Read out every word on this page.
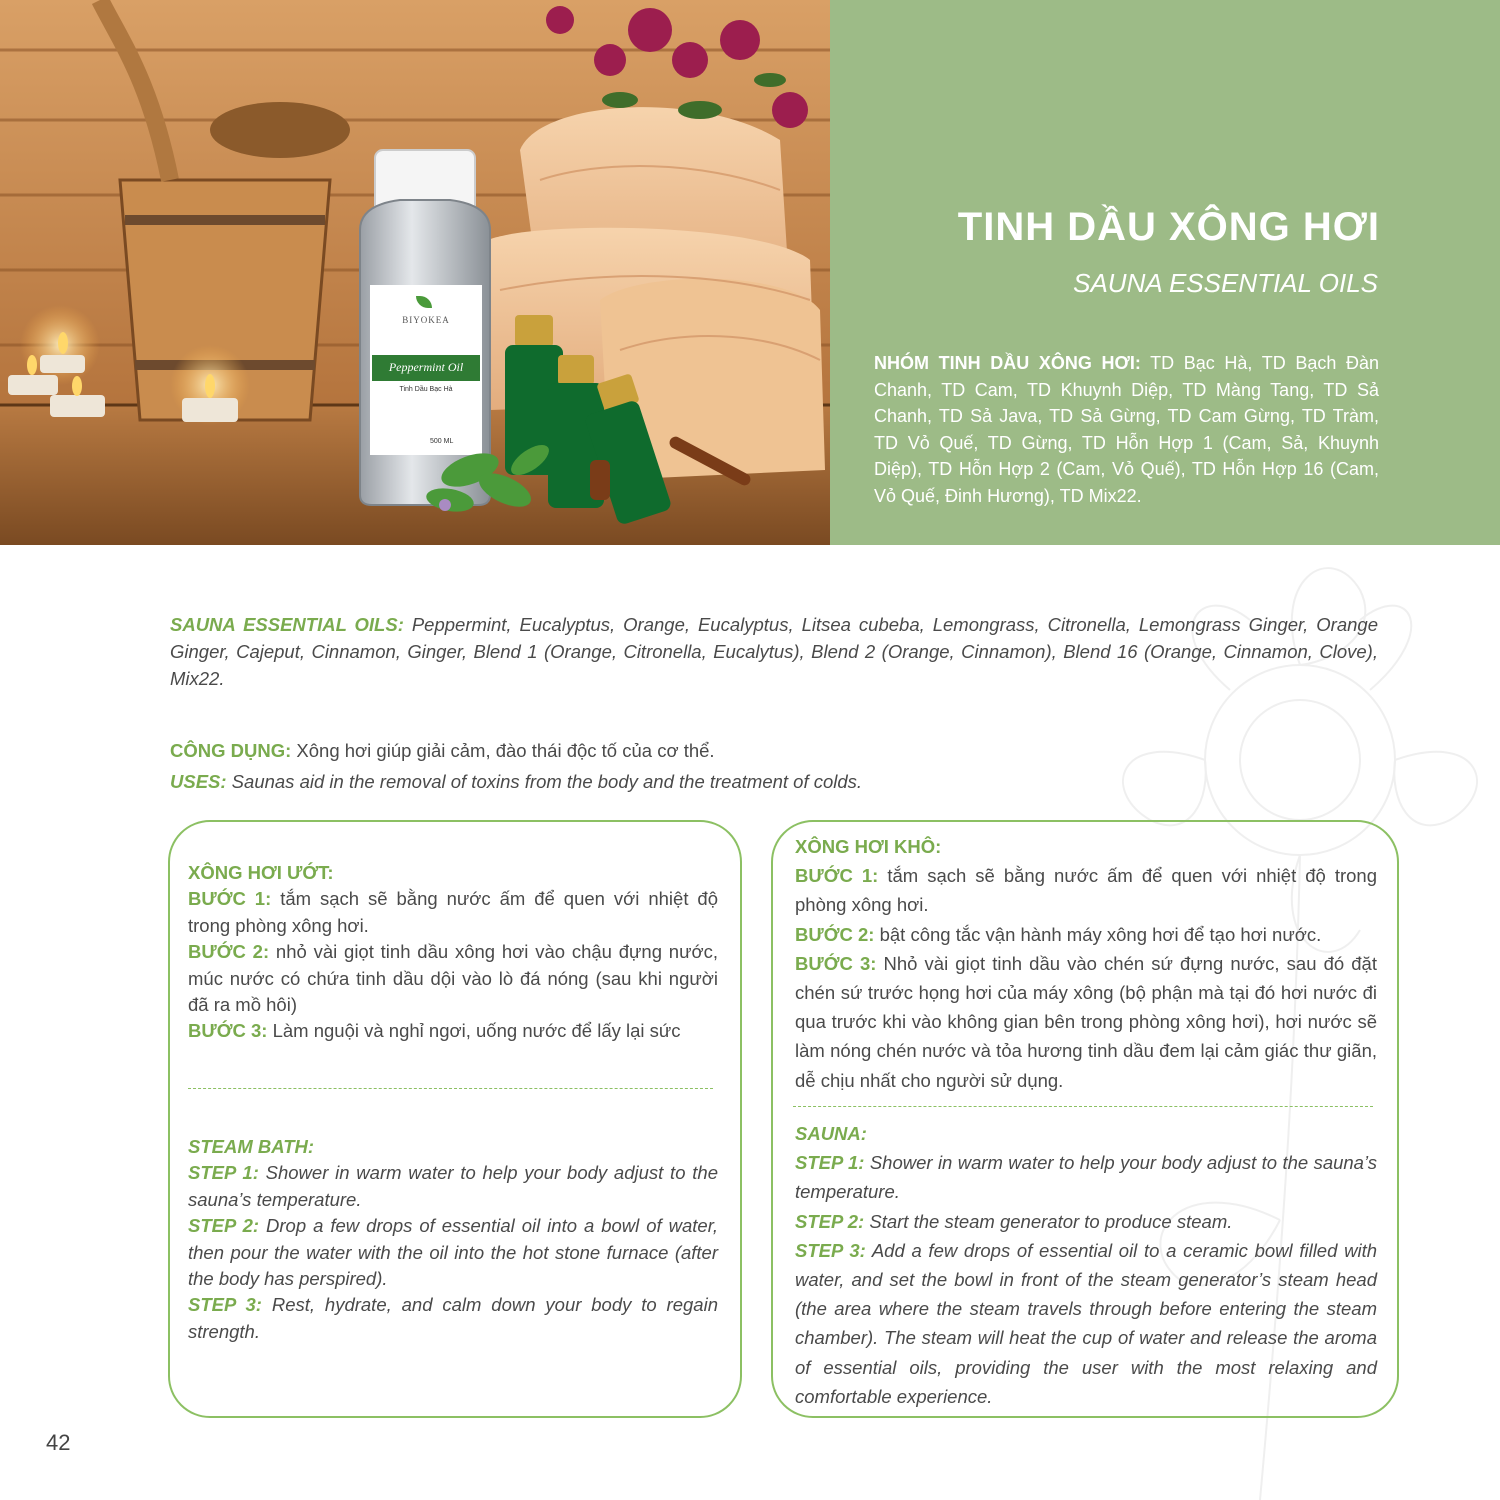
BIYOKEA
Peppermint Oil
Tinh Dầu Bạc Hà
500 ML
TINH DẦU XÔNG HƠI
SAUNA ESSENTIAL OILS

NHÓM TINH DẦU XÔNG HƠI: TD Bạc Hà, TD Bạch Đàn Chanh, TD Cam, TD Khuynh Diệp, TD Màng Tang, TD Sả Chanh, TD Sả Java, TD Sả Gừng, TD Cam Gừng, TD Tràm, TD Vỏ Quế, TD Gừng, TD Hỗn Hợp 1 (Cam, Sả, Khuynh Diệp), TD Hỗn Hợp 2 (Cam, Vỏ Quế), TD Hỗn Hợp 16 (Cam, Vỏ Quế, Đinh Hương), TD Mix22.

SAUNA ESSENTIAL OILS: Peppermint, Eucalyptus, Orange, Eucalyptus, Litsea cubeba, Lemongrass, Citronella, Lemongrass Ginger, Orange Ginger, Cajeput, Cinnamon, Ginger, Blend 1 (Orange, Citronella, Eucalytus), Blend 2 (Orange, Cinnamon), Blend 16 (Orange, Cinnamon, Clove), Mix22.

CÔNG DỤNG: Xông hơi giúp giải cảm, đào thái độc tố của cơ thể.

USES: Saunas aid in the removal of toxins from the body and the treatment of colds.

XÔNG HƠI ƯỚT:
BƯỚC 1: tắm sạch sẽ bằng nước ấm để quen với nhiệt độ trong phòng xông hơi.
BƯỚC 2: nhỏ vài giọt tinh dầu xông hơi vào chậu đựng nước, múc nước có chứa tinh dầu dội vào lò đá nóng (sau khi người đã ra mồ hôi)
BƯỚC 3: Làm nguội và nghỉ ngơi, uống nước để lấy lại sức

STEAM BATH:
STEP 1: Shower in warm water to help your body adjust to the sauna’s temperature.
STEP 2: Drop a few drops of essential oil into a bowl of water, then pour the water with the oil into the hot stone furnace (after the body has perspired).
STEP 3: Rest, hydrate, and calm down your body to regain strength.

XÔNG HƠI KHÔ:
BƯỚC 1: tắm sạch sẽ bằng nước ấm để quen với nhiệt độ trong phòng xông hơi.
BƯỚC 2: bật công tắc vận hành máy xông hơi để tạo hơi nước.
BƯỚC 3: Nhỏ vài giọt tinh dầu vào chén sứ đựng nước, sau đó đặt chén sứ trước họng hơi của máy xông (bộ phận mà tại đó hơi nước đi qua trước khi vào không gian bên trong phòng xông hơi), hơi nước sẽ làm nóng chén nước và tỏa hương tinh dầu đem lại cảm giác thư giãn, dễ chịu nhất cho người sử dụng.

SAUNA:
STEP 1: Shower in warm water to help your body adjust to the sauna’s temperature.
STEP 2: Start the steam generator to produce steam.
STEP 3: Add a few drops of essential oil to a ceramic bowl filled with water, and set the bowl in front of the steam generator’s steam head (the area where the steam travels through before entering the steam chamber). The steam will heat the cup of water and release the aroma of essential oils, providing the user with the most relaxing and comfortable experience.

42
